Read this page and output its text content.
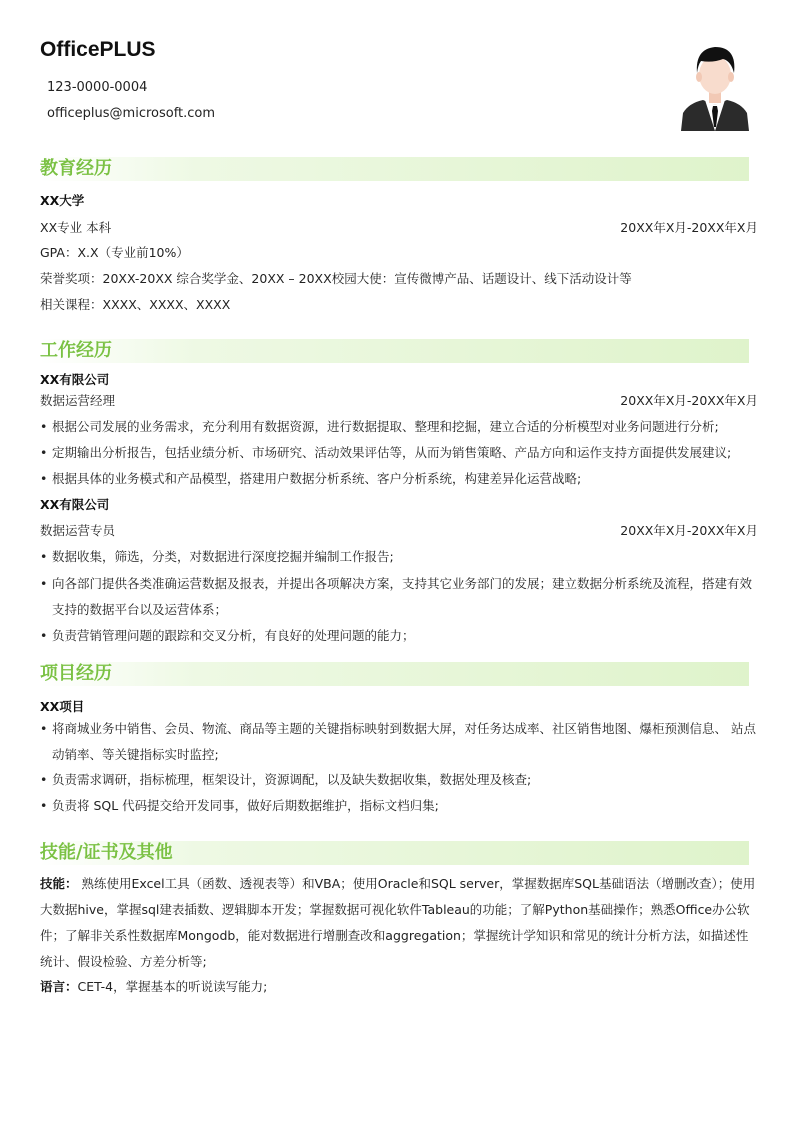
OfficePLUS
123-0000-0004
officeplus@microsoft.com
教育经历
XX大学
XX专业 本科	20XX年X月-20XX年X月
GPA：X.X（专业前10%）
荣誉奖项：20XX-20XX 综合奖学金、20XX – 20XX校园大使：宣传微博产品、话题设计、线下活动设计等
相关课程：XXXX、XXXX、XXXX
工作经历
XX有限公司
数据运营经理	20XX年X月-20XX年X月
• 根据公司发展的业务需求，充分利用有数据资源，进行数据提取、整理和挖掘，建立合适的分析模型对业务问题进行分析;
• 定期输出分析报告，包括业绩分析、市场研究、活动效果评估等，从而为销售策略、产品方向和运作支持方面提供发展建议;
• 根据具体的业务模式和产品模型，搭建用户数据分析系统、客户分析系统，构建差异化运营战略;
XX有限公司
数据运营专员	20XX年X月-20XX年X月
• 数据收集，筛选，分类，对数据进行深度挖掘并编制工作报告;
• 向各部门提供各类准确运营数据及报表，并提出各项解决方案，支持其它业务部门的发展；建立数据分析系统及流程，搭建有效支持的数据平台以及运营体系；
• 负责营销管理问题的跟踪和交叉分析，有良好的处理问题的能力；
项目经历
XX项目
• 将商城业务中销售、会员、物流、商品等主题的关键指标映射到数据大屏，对任务达成率、社区销售地图、爆柜预测信息、 站点动销率、等关键指标实时监控;
• 负责需求调研，指标梳理，框架设计，资源调配，以及缺失数据收集，数据处理及核查;
• 负责将 SQL 代码提交给开发同事，做好后期数据维护，指标文档归集;
技能/证书及其他
技能： 熟练使用Excel工具（函数、透视表等）和VBA；使用Oracle和SQL server，掌握数据库SQL基础语法（增删改查）；使用大数据hive，掌握sql建表插数、逻辑脚本开发；掌握数据可视化软件Tableau的功能；了解Python基础操作；熟悉Office办公软件；了解非关系性数据库Mongodb，能对数据进行增删查改和aggregation；掌握统计学知识和常见的统计分析方法，如描述性统计、假设检验、方差分析等;
语言：CET-4，掌握基本的听说读写能力;
